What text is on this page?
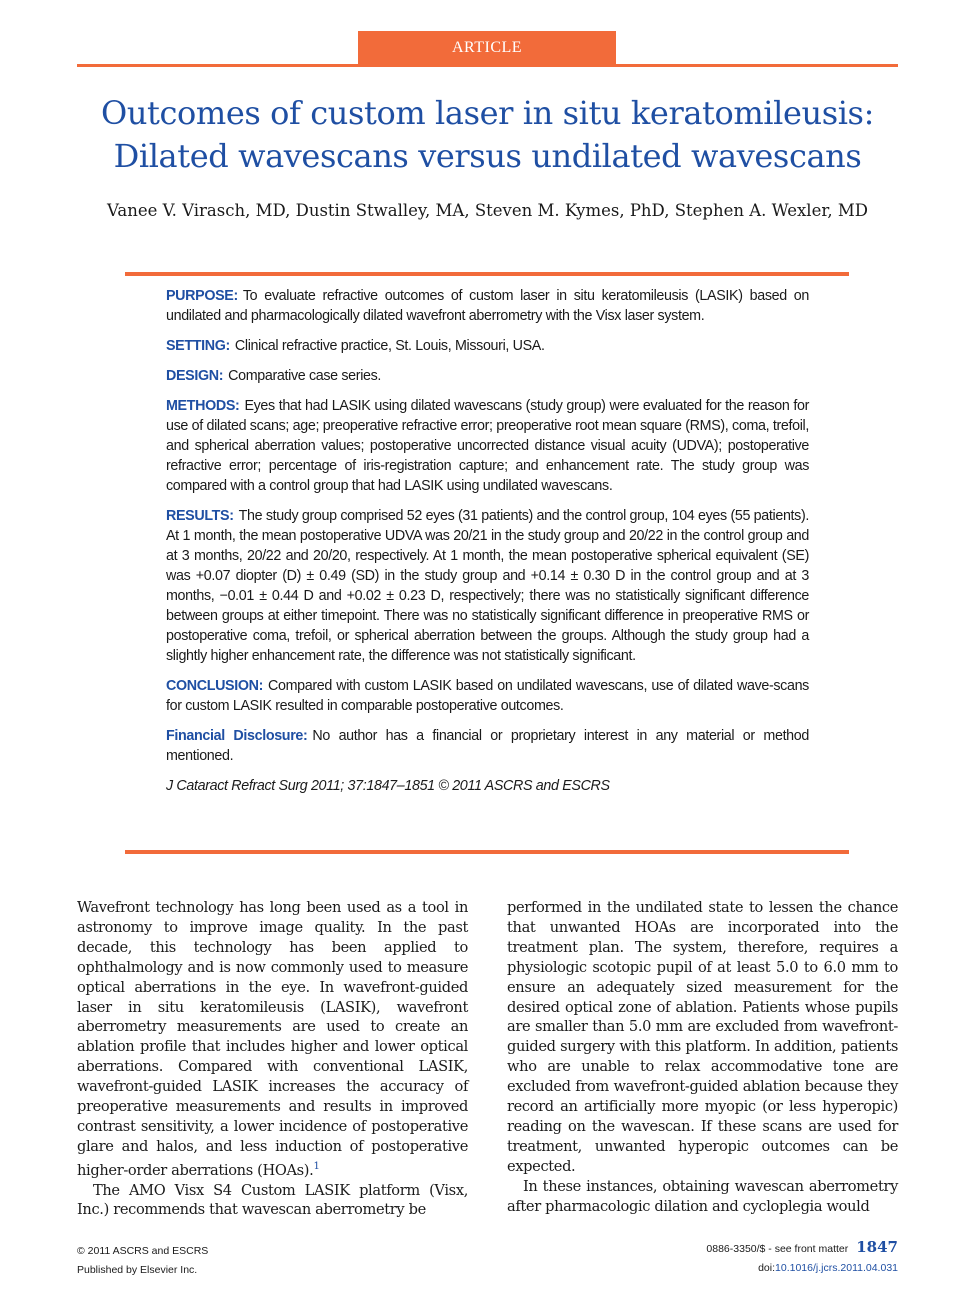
ARTICLE
Outcomes of custom laser in situ keratomileusis:
Dilated wavescans versus undilated wavescans
Vanee V. Virasch, MD, Dustin Stwalley, MA, Steven M. Kymes, PhD, Stephen A. Wexler, MD

PURPOSE: To evaluate refractive outcomes of custom laser in situ keratomileusis (LASIK) based on undilated and pharmacologically dilated wavefront aberrometry with the Visx laser system.

SETTING: Clinical refractive practice, St. Louis, Missouri, USA.

DESIGN: Comparative case series.

METHODS: Eyes that had LASIK using dilated wavescans (study group) were evaluated for the reason for use of dilated scans; age; preoperative refractive error; preoperative root mean square (RMS), coma, trefoil, and spherical aberration values; postoperative uncorrected distance visual acuity (UDVA); postoperative refractive error; percentage of iris-registration capture; and enhancement rate. The study group was compared with a control group that had LASIK using undilated wavescans.

RESULTS: The study group comprised 52 eyes (31 patients) and the control group, 104 eyes (55 patients). At 1 month, the mean postoperative UDVA was 20/21 in the study group and 20/22 in the control group and at 3 months, 20/22 and 20/20, respectively. At 1 month, the mean postoperative spherical equivalent (SE) was +0.07 diopter (D) ± 0.49 (SD) in the study group and +0.14 ± 0.30 D in the control group and at 3 months, −0.01 ± 0.44 D and +0.02 ± 0.23 D, respectively; there was no statistically significant difference between groups at either timepoint. There was no statistically significant difference in preoperative RMS or postoperative coma, trefoil, or spherical aberration between the groups. Although the study group had a slightly higher enhancement rate, the difference was not statistically significant.

CONCLUSION: Compared with custom LASIK based on undilated wavescans, use of dilated wave-scans for custom LASIK resulted in comparable postoperative outcomes.

Financial Disclosure: No author has a financial or proprietary interest in any material or method mentioned.

J Cataract Refract Surg 2011; 37:1847–1851 © 2011 ASCRS and ESCRS

Wavefront technology has long been used as a tool in astronomy to improve image quality. In the past decade, this technology has been applied to ophthalmology and is now commonly used to measure optical aberrations in the eye. In wavefront-guided laser in situ keratomileusis (LASIK), wavefront aberrometry measurements are used to create an ablation profile that includes higher and lower optical aberrations. Compared with conventional LASIK, wavefront-guided LASIK increases the accuracy of preoperative measurements and results in improved contrast sensitivity, a lower incidence of postoperative glare and halos, and less induction of postoperative higher-order aberrations (HOAs).$^1$

The AMO Visx S4 Custom LASIK platform (Visx, Inc.) recommends that wavescan aberrometry be

performed in the undilated state to lessen the chance that unwanted HOAs are incorporated into the treatment plan. The system, therefore, requires a physiologic scotopic pupil of at least 5.0 to 6.0 mm to ensure an adequately sized measurement for the desired optical zone of ablation. Patients whose pupils are smaller than 5.0 mm are excluded from wavefront-guided surgery with this platform. In addition, patients who are unable to relax accommodative tone are excluded from wavefront-guided ablation because they record an artificially more myopic (or less hyperopic) reading on the wavescan. If these scans are used for treatment, unwanted hyperopic outcomes can be expected.

In these instances, obtaining wavescan aberrometry after pharmacologic dilation and cycloplegia would

© 2011 ASCRS and ESCRS
Published by Elsevier Inc.
0886-3350/$ - see front matter 1847
doi:10.1016/j.jcrs.2011.04.031
